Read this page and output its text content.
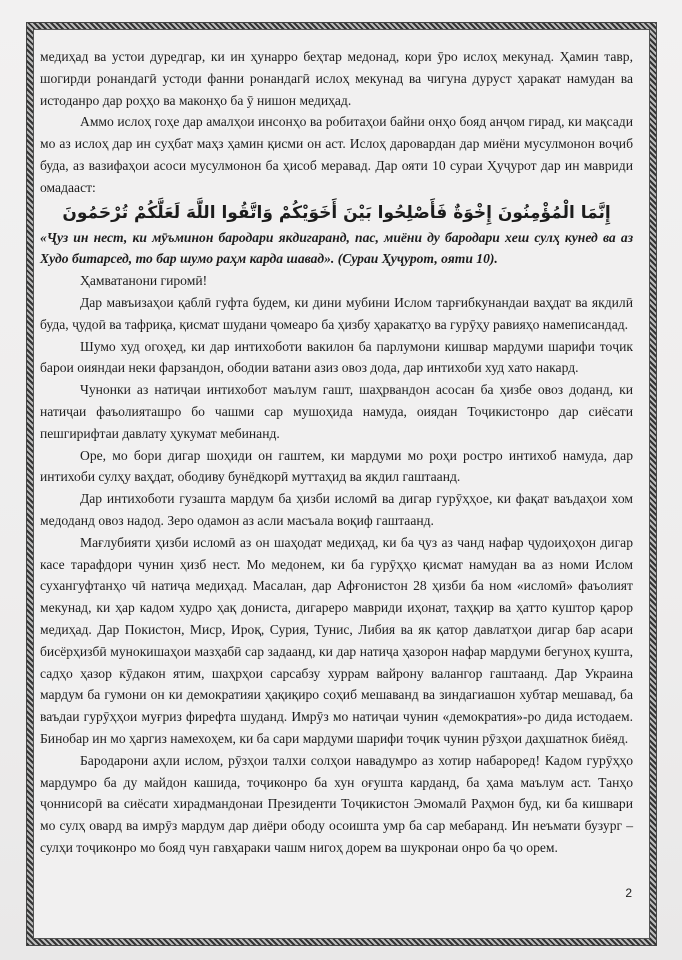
медиҳад ва устои дуредгар, ки ин ҳунарро беҳтар медонад, кори ӯро ислоҳ мекунад. Ҳамин тавр, шогирди ронандагӣ устоди фанни ронандагӣ ислоҳ мекунад ва чигуна дуруст ҳаракат намудан ва истоданро дар роҳҳо ва маконҳо ба ӯ нишон медиҳад.

Аммо ислоҳ гоҳе дар амалҳои инсонҳо ва робитаҳои байни онҳо бояд анҷом гирад, ки мақсади мо аз ислоҳ дар ин суҳбат маҳз ҳамин қисми он аст. Ислоҳ даровардан дар миёни мусулмонон воҷиб буда, аз вазифаҳои асоси мусулмонон ба ҳисоб меравад. Дар ояти 10 сураи Ҳуҷурот дар ин мавриди омадааст:

إِنَّمَا الْمُؤْمِنُونَ إِخْوَةٌ فَأَصْلِحُوا بَيْنَ أَخَوَيْكُمْ وَاتَّقُوا اللَّهَ لَعَلَّكُمْ تُرْحَمُونَ

«Ҷуз ин нест, ки мӯъминон бародари якдигаранд, пас, миёни ду бародари хеш сулҳ кунед ва аз Худо битарсед, то бар шумо раҳм карда шавад». (Сураи Ҳуҷурот, ояти 10).

Ҳамватанони гиромӣ!

Дар мавъизаҳои қаблӣ гуфта будем, ки дини мубини Ислом тарғибкунандаи ваҳдат ва якдилӣ буда, ҷудоӣ ва тафриқа, қисмат шудани ҷомеаро ба ҳизбу ҳаракатҳо ва гурӯҳу равияҳо намеписандад.

Шумо худ огоҳед, ки дар интихоботи вакилон ба парлумони кишвар мардуми шарифи тоҷик барои оияндаи неки фарзандон, ободии ватани азиз овоз дода, дар интихоби худ хато накард.

Чунонки аз натиҷаи интихобот маълум гашт, шаҳрвандон асосан ба ҳизбе овоз доданд, ки натиҷаи фаъолияташро бо чашми сар мушоҳида намуда, оиядан Тоҷикистонро дар сиёсати пешгирифтаи давлату ҳукумат мебинанд.

Оре, мо бори дигар шоҳиди он гаштем, ки мардуми мо роҳи ростро интихоб намуда, дар интихоби сулҳу ваҳдат, ободиву бунёдкорӣ муттаҳид ва якдил гаштаанд.

Дар интихоботи гузашта мардум ба ҳизби исломӣ ва дигар гурӯҳҳое, ки фақат ваъдаҳои хом медоданд овоз надод. Зеро одамон аз асли масъала воқиф гаштаанд.

Мағлубияти ҳизби исломӣ аз он шаҳодат медиҳад, ки ба ҷуз аз чанд нафар ҷудоиҳоҳон дигар касе тарафдори чунин ҳизб нест. Мо медонем, ки ба гурӯҳҳо қисмат намудан ва аз номи Ислом сухангуфтанҳо чӣ натиҷа медиҳад. Масалан, дар Афғонистон 28 ҳизби ба ном «исломӣ» фаъолият мекунад, ки ҳар кадом худро ҳақ дониста, дигареро мавриди иҳонат, таҳқир ва ҳатто куштор қарор медиҳад. Дар Покистон, Миср, Ироқ, Сурия, Тунис, Либия ва як қатор давлатҳои дигар бар асари бисёрҳизбӣ мунокишаҳои мазҳабӣ сар задаанд, ки дар натиҷа ҳазорон нафар мардуми бегуноҳ кушта, садҳо ҳазор кӯдакон ятим, шаҳрҳои сарсабзу хуррам вайрону валангор гаштаанд. Дар Украина мардум ба гумони он ки демократияи ҳақиқиро соҳиб мешаванд ва зиндагиашон хубтар мешавад, ба ваъдаи гурӯҳҳои муғриз фирефта шуданд. Имрӯз мо натиҷаи чунин «демократия»-ро дида истодаем. Бинобар ин мо ҳаргиз намехоҳем, ки ба сари мардуми шарифи тоҷик чунин рӯзҳои даҳшатнок биёяд.

Бародарони аҳли ислом, рӯзҳои талхи солҳои навадумро аз хотир набароред! Кадом гурӯҳҳо мардумро ба ду майдон кашида, тоҷиконро ба хун оғушта карданд, ба ҳама маълум аст. Танҳо ҷоннисорӣ ва сиёсати хирадмандонаи Президенти Тоҷикистон Эмомалӣ Раҳмон буд, ки ба кишвари мо сулҳ овард ва имрӯз мардум дар диёри ободу осоишта умр ба сар мебаранд. Ин неъмати бузург – сулҳи тоҷиконро мо бояд чун гавҳараки чашм нигоҳ дорем ва шукронаи онро ба ҷо орем.

2
